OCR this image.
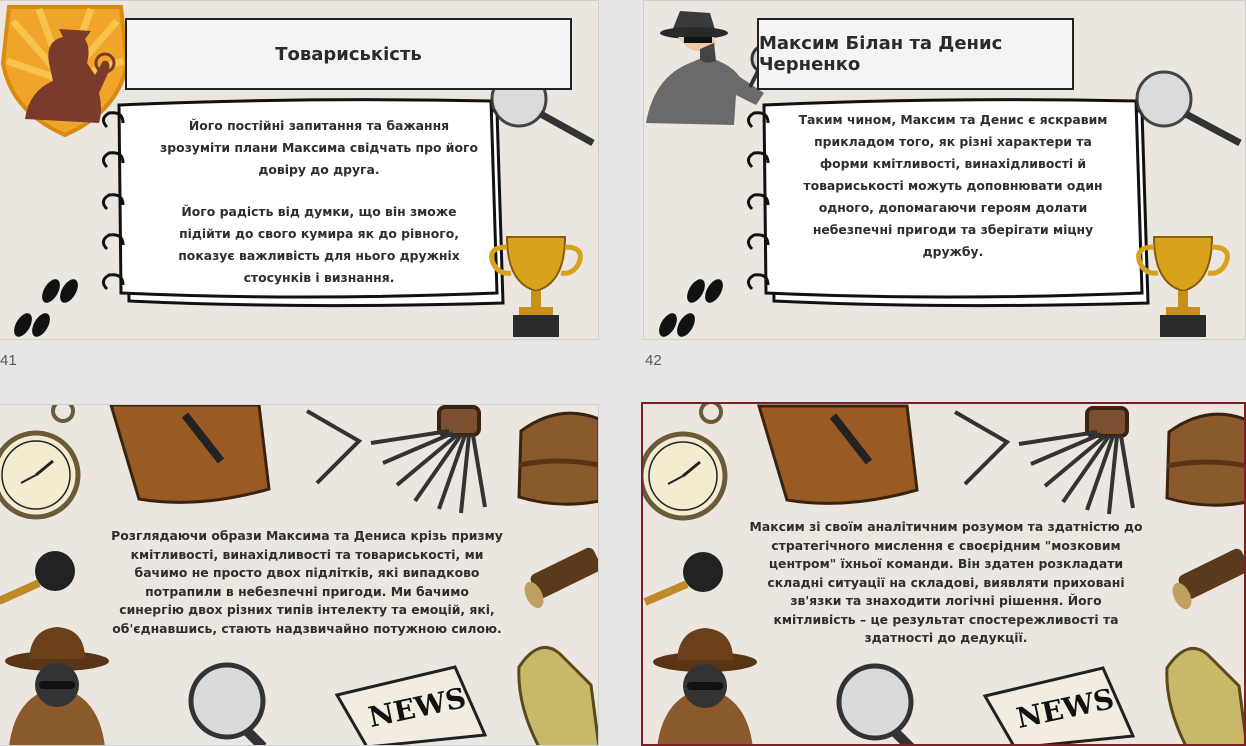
Товариськість

Його постійні запитання та бажання зрозуміти плани Максима свідчать про його довіру до друга.

Його радість від думки, що він зможе підійти до свого кумира як до рівного, показує важливість для нього дружніх стосунків і визнання.

41
Максим Білан та Денис Черненко

Таким чином, Максим та Денис є яскравим прикладом того, як різні характери та форми кмітливості, винахідливості й товариськості можуть доповнювати один одного, допомагаючи героям долати небезпечні пригоди та зберігати міцну дружбу.

42
NEWS
Розглядаючи образи Максима та Дениса крізь призму кмітливості, винахідливості та товариськості, ми бачимо не просто двох підлітків, які випадково потрапили в небезпечні пригоди. Ми бачимо синергію двох різних типів інтелекту та емоцій, які, об'єднавшись, стають надзвичайно потужною силою.
NEWS
Максим зі своїм аналітичним розумом та здатністю до стратегічного мислення є своєрідним "мозковим центром" їхньої команди. Він здатен розкладати складні ситуації на складові, виявляти приховані зв'язки та знаходити логічні рішення. Його кмітливість – це результат спостережливості та здатності до дедукції.
